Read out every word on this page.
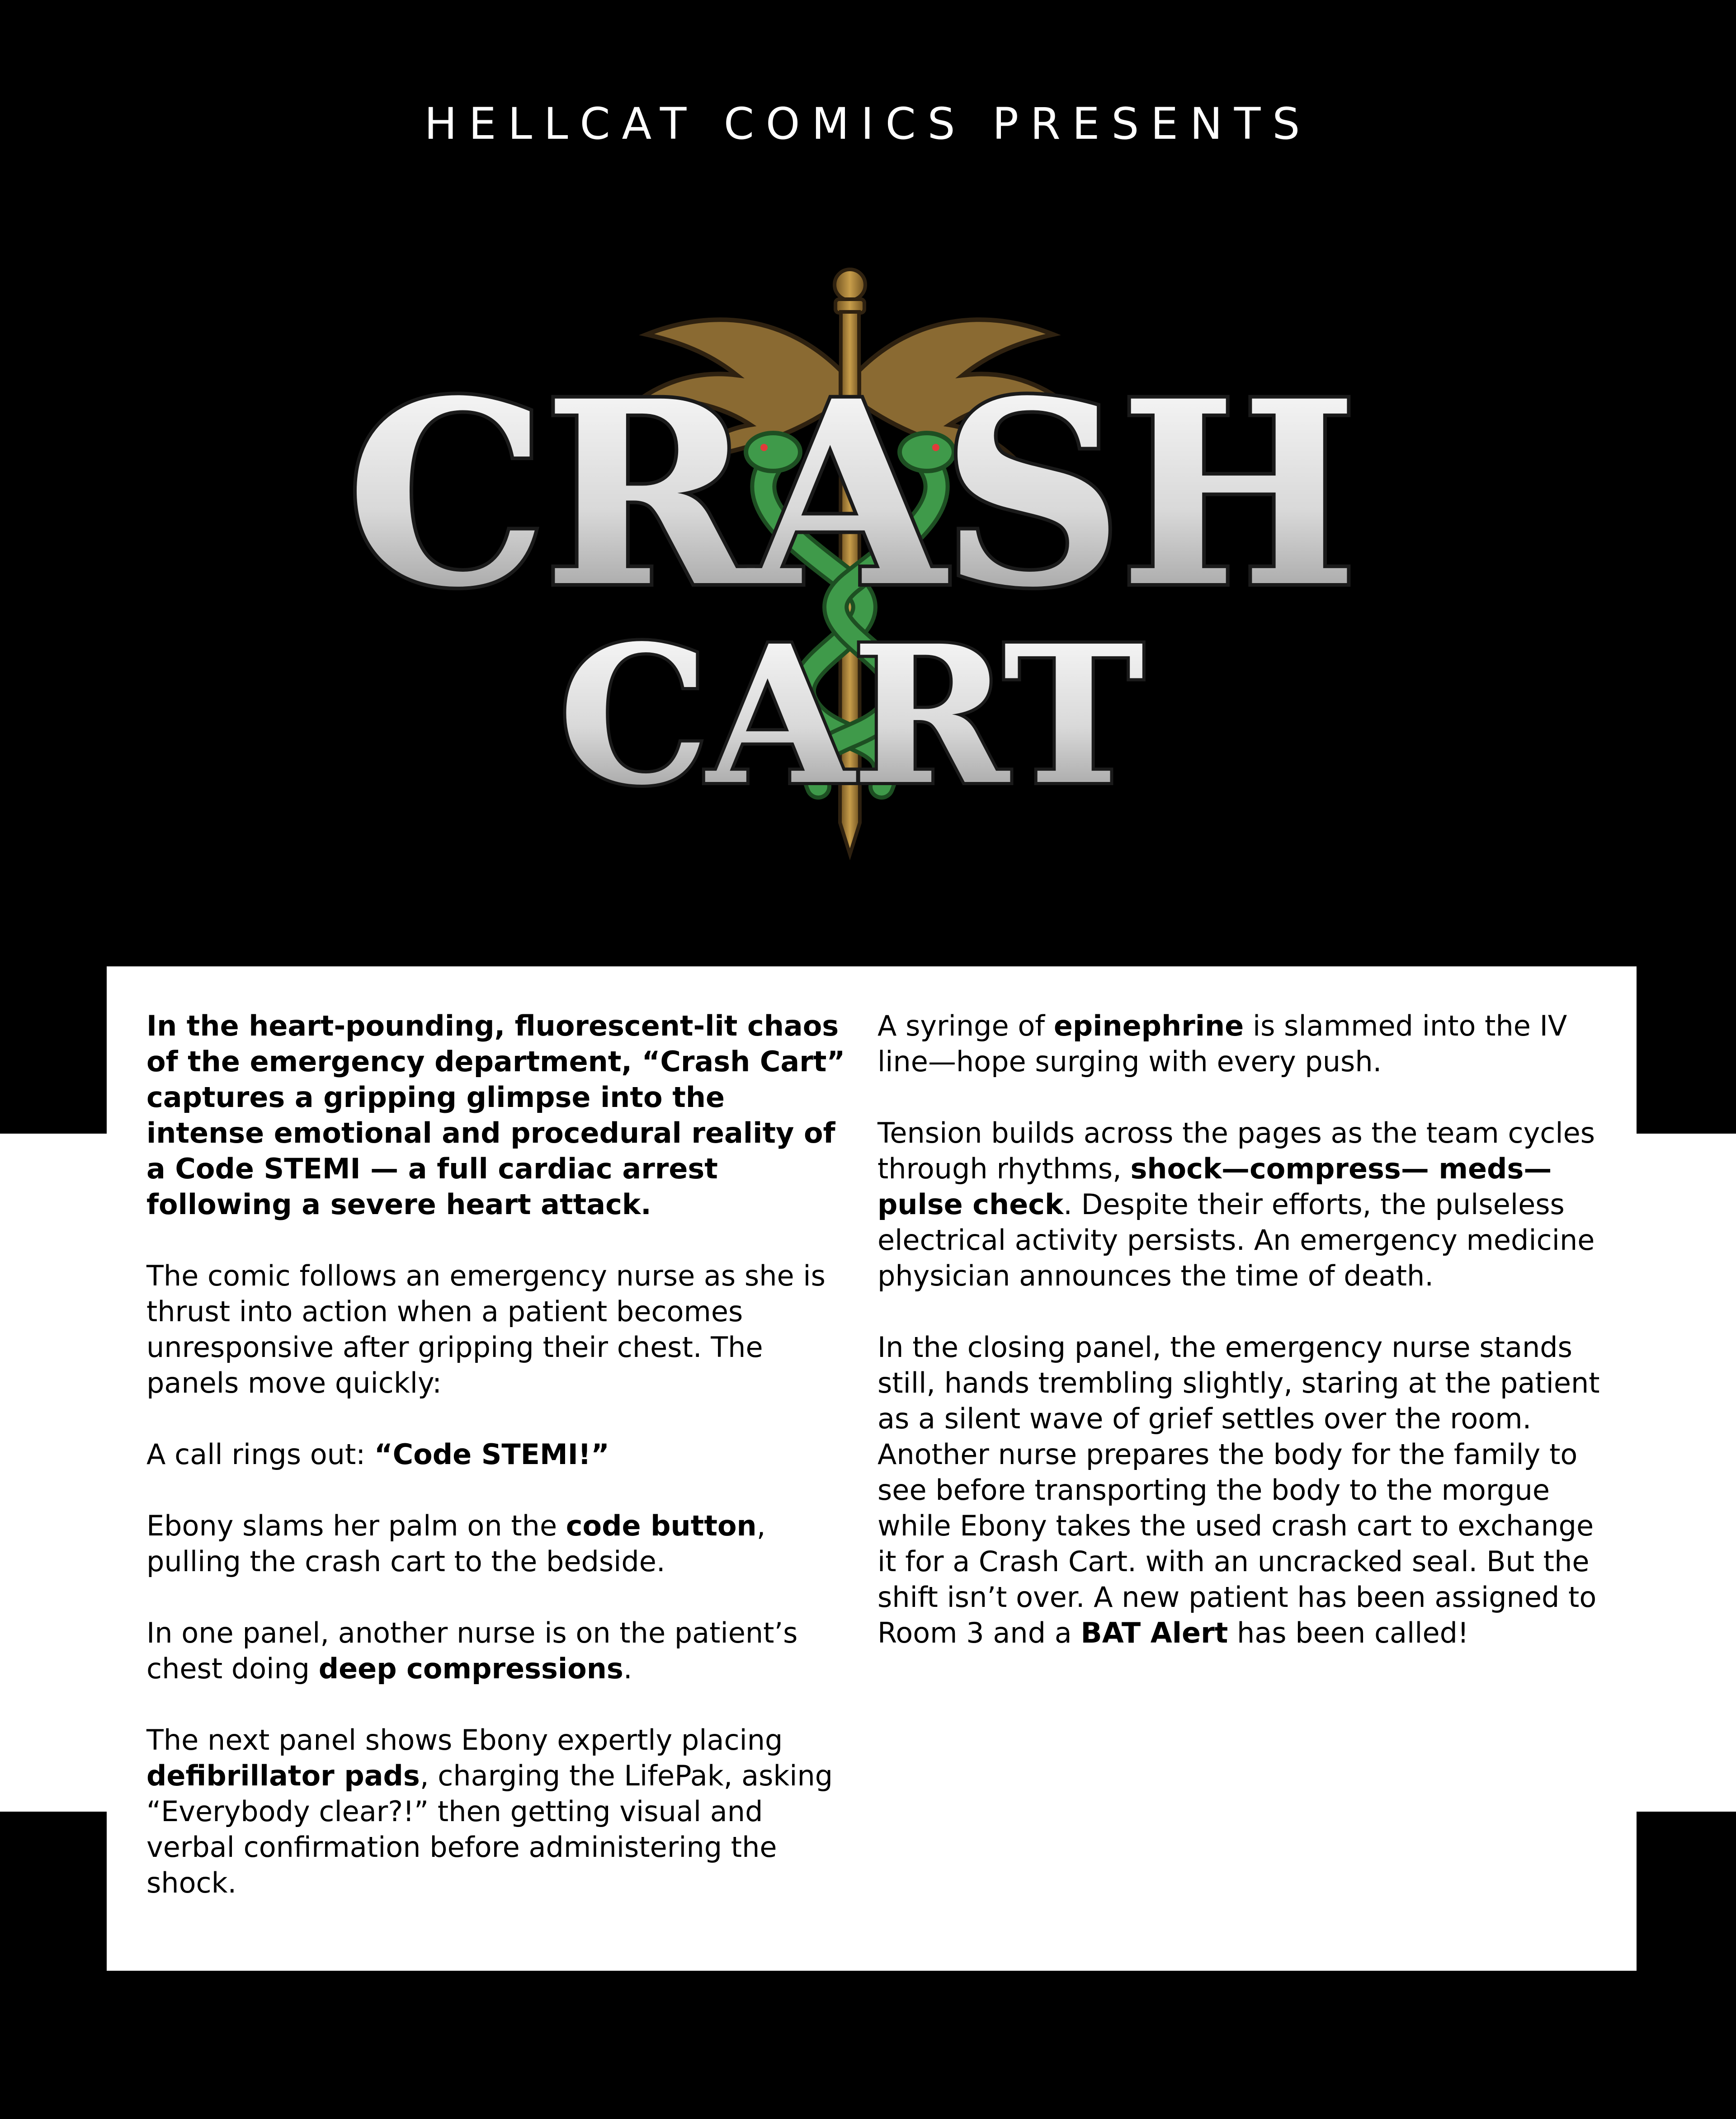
HELLCAT COMICS PRESENTS
CRASH
CART

In the heart-pounding, fluorescent-lit chaos of the emergency department, “Crash Cart” captures a gripping glimpse into the intense emotional and procedural reality of a Code STEMI — a full cardiac arrest following a severe heart attack.

The comic follows an emergency nurse as she is thrust into action when a patient becomes unresponsive after gripping their chest. The panels move quickly:

A call rings out: “Code STEMI!”

Ebony slams her palm on the code button, pulling the crash cart to the bedside.

In one panel, another nurse is on the patient’s chest doing deep compressions.

The next panel shows Ebony expertly placing defibrillator pads, charging the LifePak, asking “Everybody clear?!” then getting visual and verbal confirmation before administering the shock.

A syringe of epinephrine is slammed into the IV line—hope surging with every push.

Tension builds across the pages as the team cycles through rhythms, shock—compress— meds— pulse check. Despite their efforts, the pulseless electrical activity persists. An emergency medicine physician announces the time of death.

In the closing panel, the emergency nurse stands still, hands trembling slightly, staring at the patient as a silent wave of grief settles over the room. Another nurse prepares the body for the family to see before transporting the body to the morgue while Ebony takes the used crash cart to exchange it for a Crash Cart. with an uncracked seal. But the shift isn’t over. A new patient has been assigned to Room 3 and a BAT Alert has been called!
